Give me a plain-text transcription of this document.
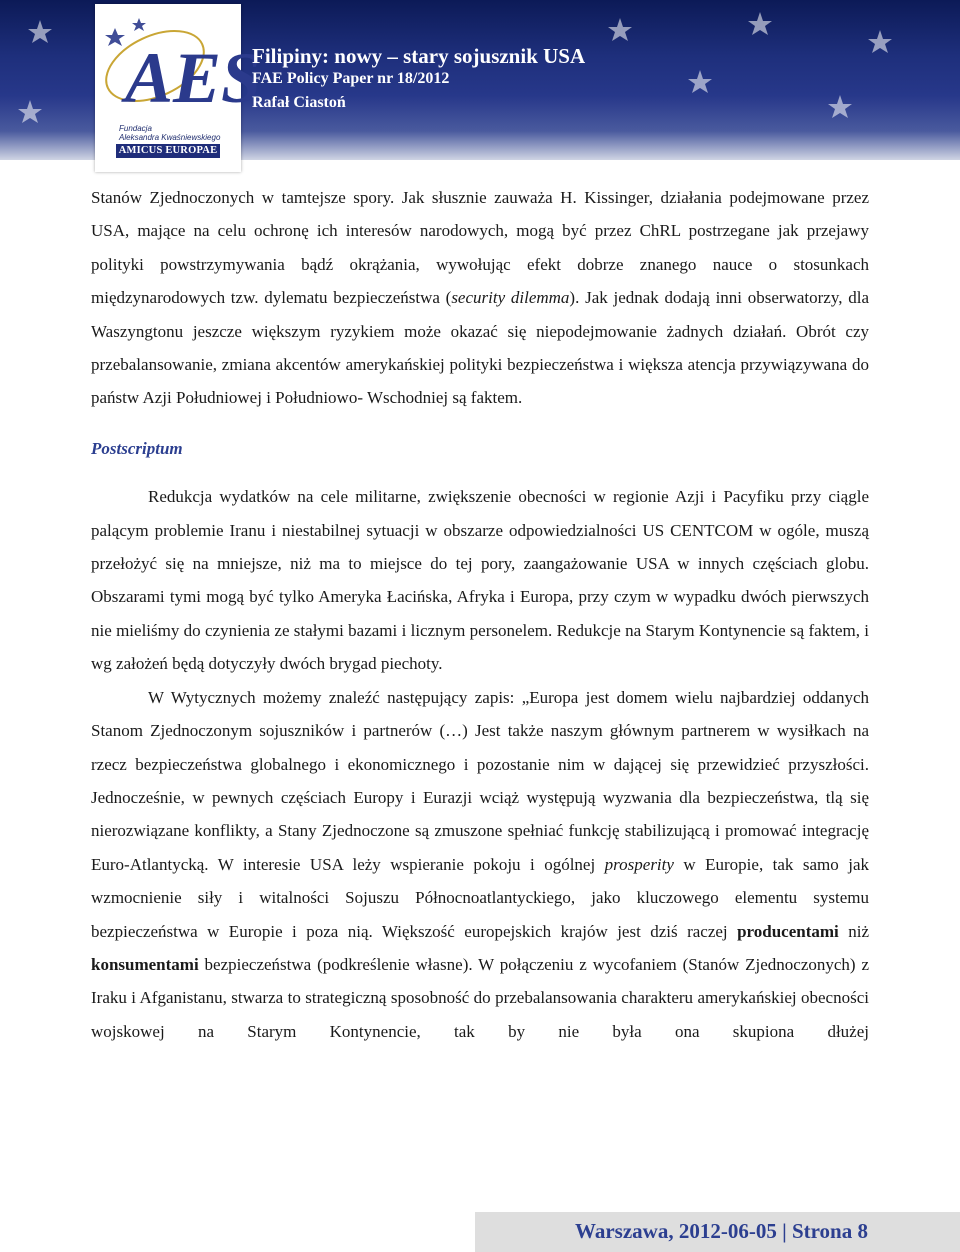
AES
Fundacja
Aleksandra Kwaśniewskiego
AMICUS EUROPAE
Filipiny: nowy – stary sojusznik USA
FAE Policy Paper nr 18/2012
Rafał Ciastoń

Stanów Zjednoczonych w tamtejsze spory. Jak słusznie zauważa H. Kissinger, działania podejmowane przez USA, mające na celu ochronę ich interesów narodowych, mogą być przez ChRL postrzegane jak przejawy polityki powstrzymywania bądź okrążania, wywołując efekt dobrze znanego nauce o stosunkach międzynarodowych tzw. dylematu bezpieczeństwa (security dilemma). Jak jednak dodają inni obserwatorzy, dla Waszyngtonu jeszcze większym ryzykiem może okazać się niepodejmowanie żadnych działań. Obrót czy przebalansowanie, zmiana akcentów amerykańskiej polityki bezpieczeństwa i większa atencja przywiązywana do państw Azji Południowej i Południowo- Wschodniej są faktem.

Postscriptum

Redukcja wydatków na cele militarne, zwiększenie obecności w regionie Azji i Pacyfiku przy ciągle palącym problemie Iranu i niestabilnej sytuacji w obszarze odpowiedzialności US CENTCOM w ogóle, muszą przełożyć się na mniejsze, niż ma to miejsce do tej pory, zaangażowanie USA w innych częściach globu. Obszarami tymi mogą być tylko Ameryka Łacińska, Afryka i Europa, przy czym w wypadku dwóch pierwszych nie mieliśmy do czynienia ze stałymi bazami i licznym personelem. Redukcje na Starym Kontynencie są faktem, i wg założeń będą dotyczyły dwóch brygad piechoty.

W Wytycznych możemy znaleźć następujący zapis: „Europa jest domem wielu najbardziej oddanych Stanom Zjednoczonym sojuszników i partnerów (…) Jest także naszym głównym partnerem w wysiłkach na rzecz bezpieczeństwa globalnego i ekonomicznego i pozostanie nim w dającej się przewidzieć przyszłości. Jednocześnie, w pewnych częściach Europy i Eurazji wciąż występują wyzwania dla bezpieczeństwa, tlą się nierozwiązane konflikty, a Stany Zjednoczone są zmuszone spełniać funkcję stabilizującą i promować integrację Euro-Atlantycką. W interesie USA leży wspieranie pokoju i ogólnej prosperity w Europie, tak samo jak wzmocnienie siły i witalności Sojuszu Północnoatlantyckiego, jako kluczowego elementu systemu bezpieczeństwa w Europie i poza nią. Większość europejskich krajów jest dziś raczej producentami niż konsumentami bezpieczeństwa (podkreślenie własne). W połączeniu z wycofaniem (Stanów Zjednoczonych) z Iraku i Afganistanu, stwarza to strategiczną sposobność do przebalansowania charakteru amerykańskiej obecności wojskowej na Starym Kontynencie, tak by nie była ona skupiona dłużej

Warszawa, 2012-06-05 | Strona 8
